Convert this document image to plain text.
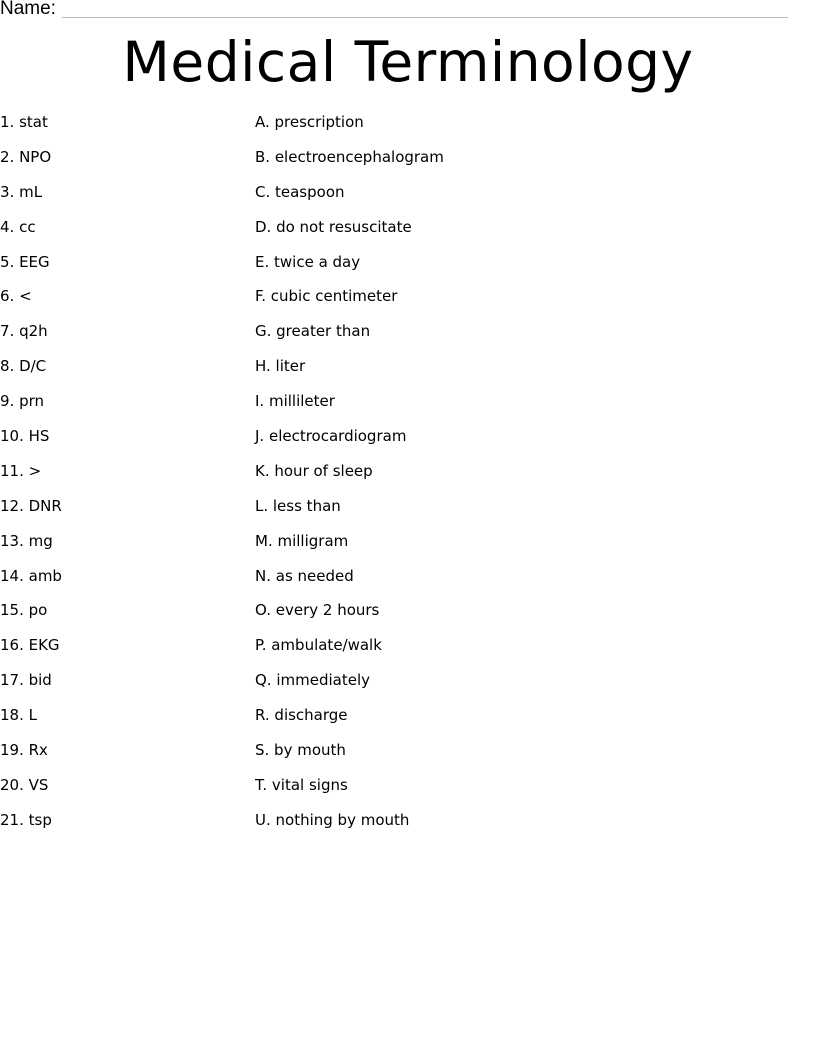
Name:
Medical Terminology
1. stat	A. prescription
2. NPO	B. electroencephalogram
3. mL	C. teaspoon
4. cc	D. do not resuscitate
5. EEG	E. twice a day
6. <	F. cubic centimeter
7. q2h	G. greater than
8. D/C	H. liter
9. prn	I. millileter
10. HS	J. electrocardiogram
11. >	K. hour of sleep
12. DNR	L. less than
13. mg	M. milligram
14. amb	N. as needed
15. po	O. every 2 hours
16. EKG	P. ambulate/walk
17. bid	Q. immediately
18. L	R. discharge
19. Rx	S. by mouth
20. VS	T. vital signs
21. tsp	U. nothing by mouth
